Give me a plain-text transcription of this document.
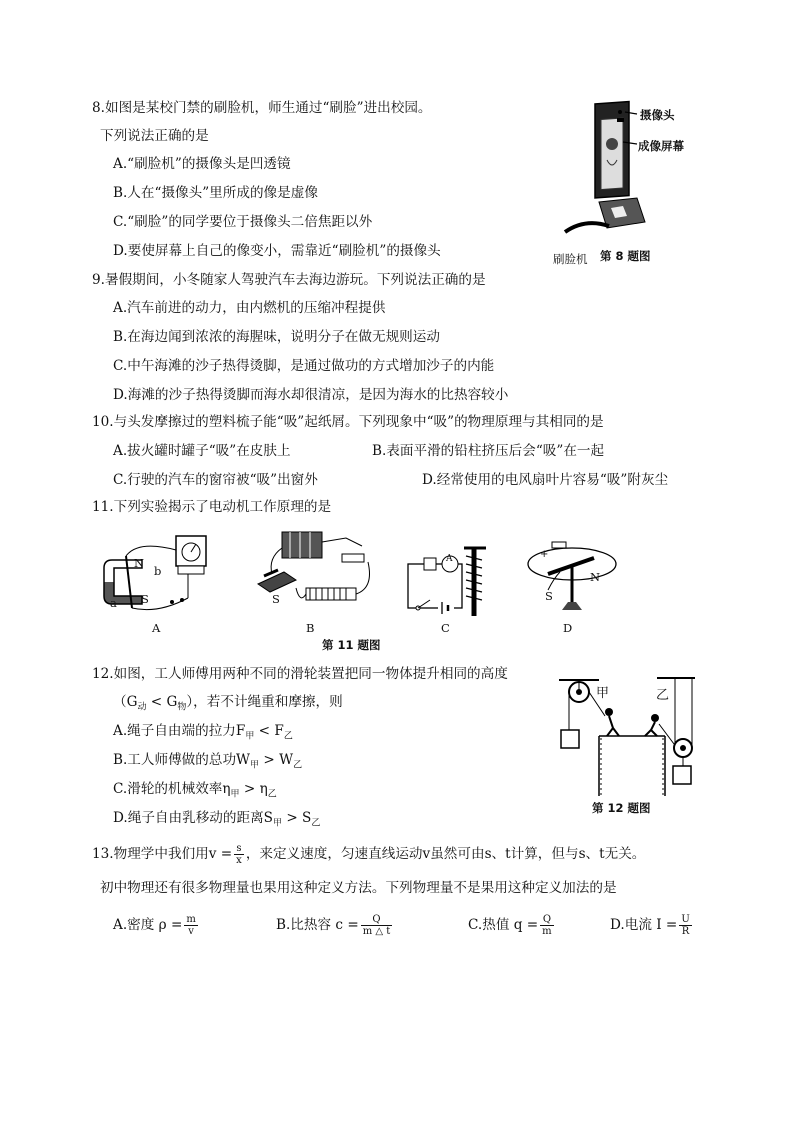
8.如图是某校门禁的刷脸机，师生通过“刷脸”进出校园。
下列说法正确的是
A.“刷脸机”的摄像头是凹透镜
B.人在“摄像头”里所成的像是虚像
C.“刷脸”的同学要位于摄像头二倍焦距以外
D.要使屏幕上自己的像变小，需靠近“刷脸机”的摄像头
摄像头
成像屏幕
刷脸机 第 8 题图
9.暑假期间，小冬随家人驾驶汽车去海边游玩。下列说法正确的是
A.汽车前进的动力，由内燃机的压缩冲程提供
B.在海边闻到浓浓的海腥味，说明分子在做无规则运动
C.中午海滩的沙子热得烫脚，是通过做功的方式增加沙子的内能
D.海滩的沙子热得烫脚而海水却很清凉，是因为海水的比热容较小
10.与头发摩擦过的塑料梳子能“吸”起纸屑。下列现象中“吸”的物理原理与其相同的是
A.拔火罐时罐子“吸”在皮肤上	B.表面平滑的铅柱挤压后会“吸”在一起
C.行驶的汽车的窗帘被“吸”出窗外	D.经常使用的电风扇叶片容易“吸”附灰尘
11.下列实验揭示了电动机工作原理的是
N
S
b
a	S
A	+
N
S
A	B	C	D
第 11 题图
12.如图，工人师傅用两种不同的滑轮装置把同一物体提升相同的高度
$(G_动 < G_物)$，若不计绳重和摩擦，则
A.绳子自由端的拉力$F_甲 < F_乙$
B.工人师傅做的总功$W_甲 > W_乙$
C.滑轮的机械效率$\eta_甲 > \eta_乙$
D.绳子自由乳移动的距离$S_甲 > S_乙$
甲	乙
第 12 题图
13.物理学中我们用$v = \frac{s}{x}$ ，来定义速度，匀速直线运动v虽然可由s、t计算，但与s、t无关。
初中物理还有很多物理量也果用这种定义方法。下列物理量不是果用这种定义加法的是
A.密度 $\rho = \frac{m}{v}$	B.比热容 $c = \frac{Q}{m \triangle t}$	C.热值 $q = \frac{Q}{m}$	D.电流 $I = \frac{U}{R}$
